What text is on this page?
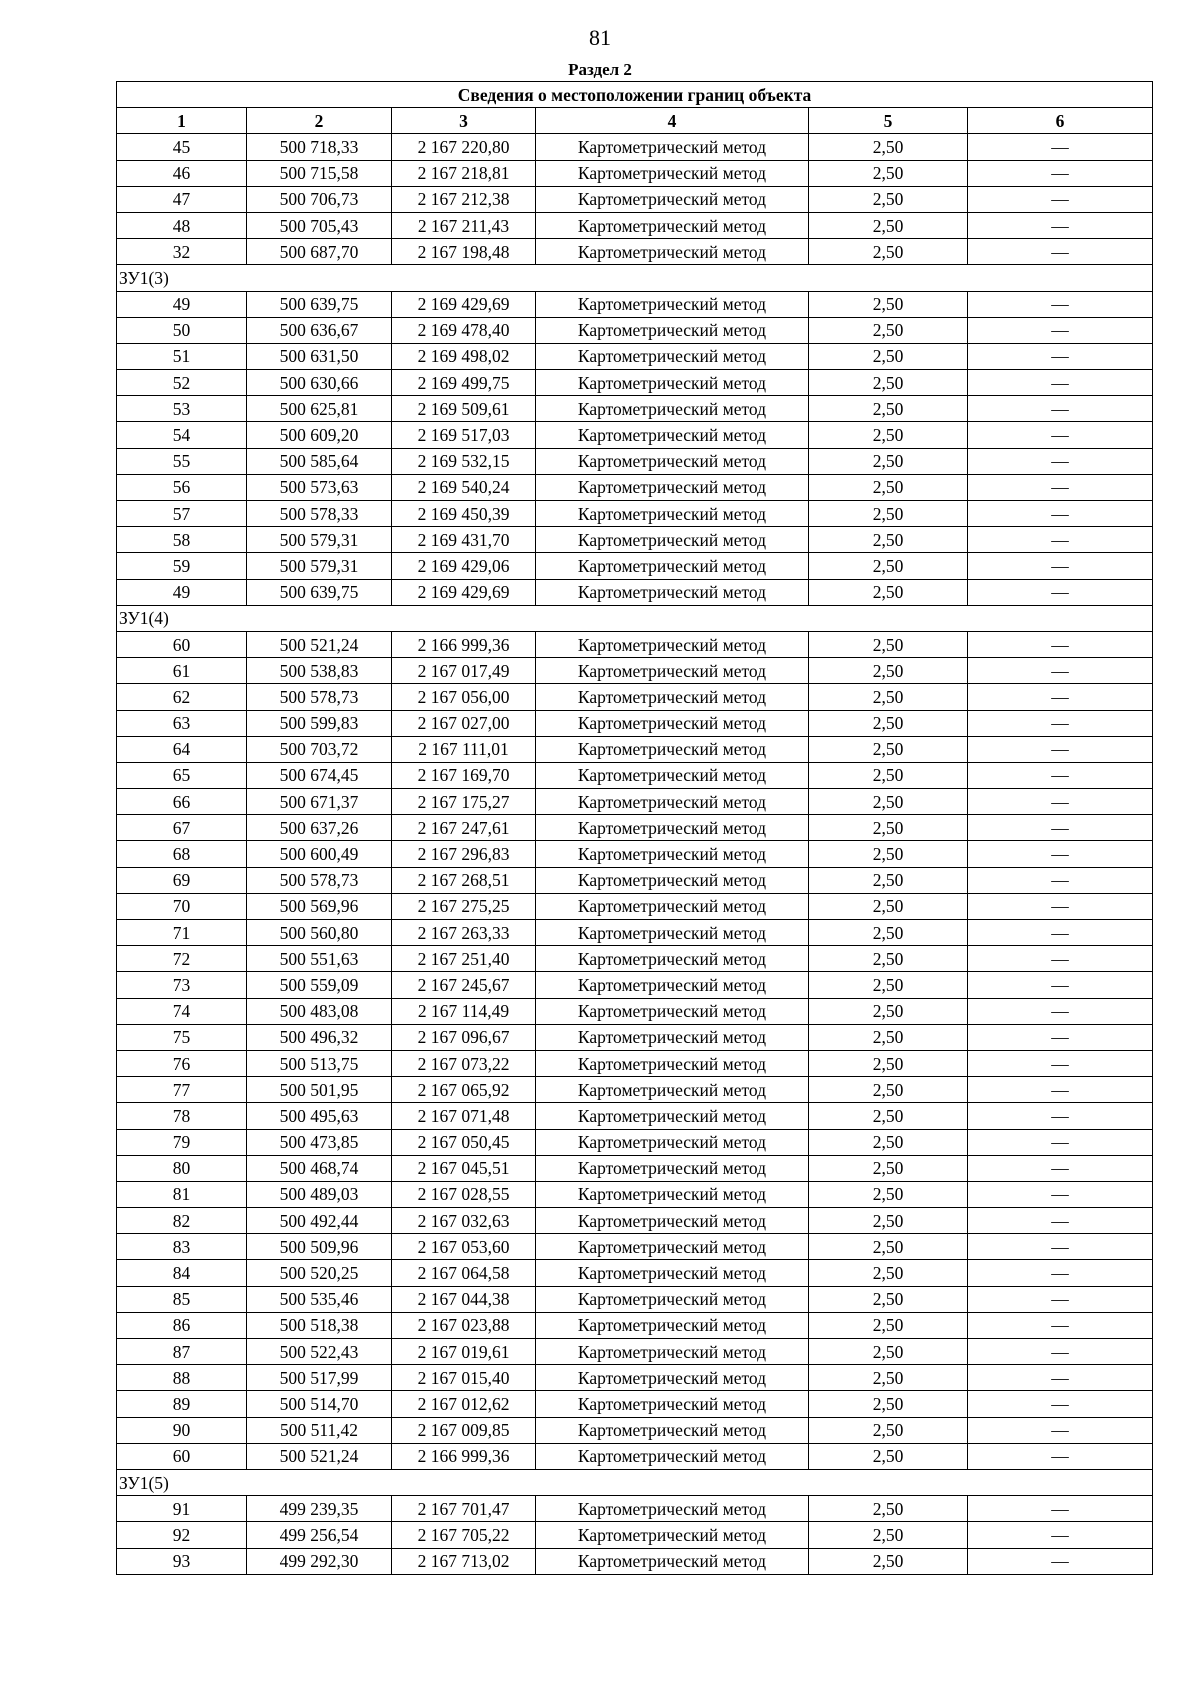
81
Раздел 2
Сведения о местоположении границ объекта					
1	2	3	4	5	6
45	500 718,33	2 167 220,80	Картометрический метод	2,50	—
46	500 715,58	2 167 218,81	Картометрический метод	2,50	—
47	500 706,73	2 167 212,38	Картометрический метод	2,50	—
48	500 705,43	2 167 211,43	Картометрический метод	2,50	—
32	500 687,70	2 167 198,48	Картометрический метод	2,50	—
ЗУ1(3)					
49	500 639,75	2 169 429,69	Картометрический метод	2,50	—
50	500 636,67	2 169 478,40	Картометрический метод	2,50	—
51	500 631,50	2 169 498,02	Картометрический метод	2,50	—
52	500 630,66	2 169 499,75	Картометрический метод	2,50	—
53	500 625,81	2 169 509,61	Картометрический метод	2,50	—
54	500 609,20	2 169 517,03	Картометрический метод	2,50	—
55	500 585,64	2 169 532,15	Картометрический метод	2,50	—
56	500 573,63	2 169 540,24	Картометрический метод	2,50	—
57	500 578,33	2 169 450,39	Картометрический метод	2,50	—
58	500 579,31	2 169 431,70	Картометрический метод	2,50	—
59	500 579,31	2 169 429,06	Картометрический метод	2,50	—
49	500 639,75	2 169 429,69	Картометрический метод	2,50	—
ЗУ1(4)					
60	500 521,24	2 166 999,36	Картометрический метод	2,50	—
61	500 538,83	2 167 017,49	Картометрический метод	2,50	—
62	500 578,73	2 167 056,00	Картометрический метод	2,50	—
63	500 599,83	2 167 027,00	Картометрический метод	2,50	—
64	500 703,72	2 167 111,01	Картометрический метод	2,50	—
65	500 674,45	2 167 169,70	Картометрический метод	2,50	—
66	500 671,37	2 167 175,27	Картометрический метод	2,50	—
67	500 637,26	2 167 247,61	Картометрический метод	2,50	—
68	500 600,49	2 167 296,83	Картометрический метод	2,50	—
69	500 578,73	2 167 268,51	Картометрический метод	2,50	—
70	500 569,96	2 167 275,25	Картометрический метод	2,50	—
71	500 560,80	2 167 263,33	Картометрический метод	2,50	—
72	500 551,63	2 167 251,40	Картометрический метод	2,50	—
73	500 559,09	2 167 245,67	Картометрический метод	2,50	—
74	500 483,08	2 167 114,49	Картометрический метод	2,50	—
75	500 496,32	2 167 096,67	Картометрический метод	2,50	—
76	500 513,75	2 167 073,22	Картометрический метод	2,50	—
77	500 501,95	2 167 065,92	Картометрический метод	2,50	—
78	500 495,63	2 167 071,48	Картометрический метод	2,50	—
79	500 473,85	2 167 050,45	Картометрический метод	2,50	—
80	500 468,74	2 167 045,51	Картометрический метод	2,50	—
81	500 489,03	2 167 028,55	Картометрический метод	2,50	—
82	500 492,44	2 167 032,63	Картометрический метод	2,50	—
83	500 509,96	2 167 053,60	Картометрический метод	2,50	—
84	500 520,25	2 167 064,58	Картометрический метод	2,50	—
85	500 535,46	2 167 044,38	Картометрический метод	2,50	—
86	500 518,38	2 167 023,88	Картометрический метод	2,50	—
87	500 522,43	2 167 019,61	Картометрический метод	2,50	—
88	500 517,99	2 167 015,40	Картометрический метод	2,50	—
89	500 514,70	2 167 012,62	Картометрический метод	2,50	—
90	500 511,42	2 167 009,85	Картометрический метод	2,50	—
60	500 521,24	2 166 999,36	Картометрический метод	2,50	—
ЗУ1(5)					
91	499 239,35	2 167 701,47	Картометрический метод	2,50	—
92	499 256,54	2 167 705,22	Картометрический метод	2,50	—
93	499 292,30	2 167 713,02	Картометрический метод	2,50	—
